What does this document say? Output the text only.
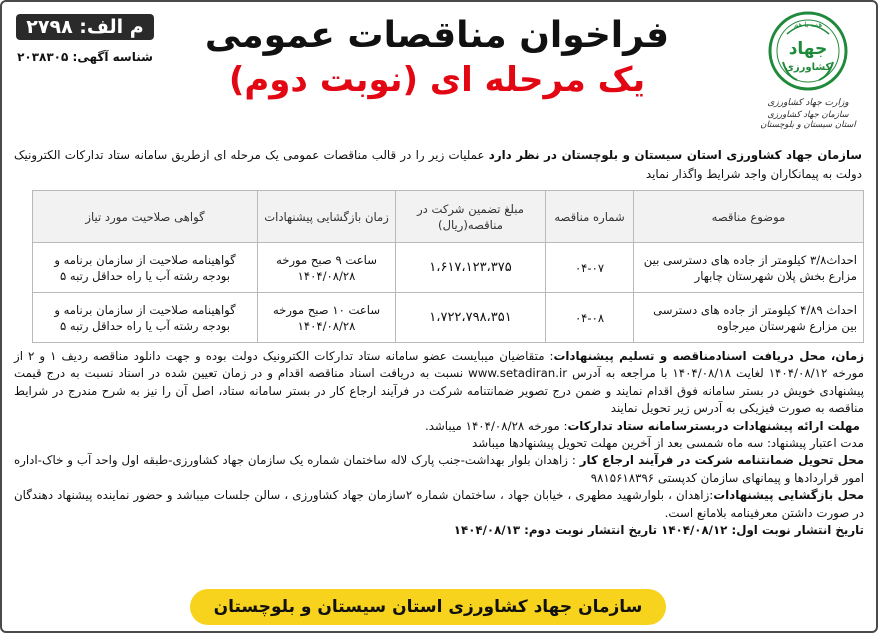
م الف: ۲۷۹۸
شناسه آگهی: ۲۰۳۸۳۰۵
فراخوان مناقصات عمومی
یک مرحله ای (نوبت دوم)
همه با هم
جهاد
کشاورزی
وزارت جهاد کشاورزی
سازمان جهاد کشاورزی استان سیستان و بلوچستان
سازمان جهاد کشاورزی استان سیستان و بلوچستان در نظر دارد عملیات زیر را در قالب مناقصات عمومی یک مرحله ای ازطریق سامانه ستاد تدارکات الکترونیک دولت به پیمانکاران واجد شرایط واگذار نماید
موضوع مناقصه	شماره مناقصه	مبلغ تضمین شرکت در مناقصه(ریال)	زمان بازگشایی پیشنهادات	گواهی صلاحیت مورد تیاز
احداث۳/۸ کیلومتر از جاده های دسترسی بین مزارع بخش پلان شهرستان چابهار	۰۴-۰۷	۱،۶۱۷،۱۲۳،۳۷۵	ساعت ۹ صبح مورخه ۱۴۰۴/۰۸/۲۸	گواهینامه صلاحیت از سازمان برنامه و بودجه رشته آب یا راه حداقل رتبه ۵
احداث ۴/۸۹ کیلومتر از جاده های دسترسی بین مزارع شهرستان میرجاوه	۰۴-۰۸	۱،۷۲۲،۷۹۸،۳۵۱	ساعت ۱۰ صبح مورخه ۱۴۰۴/۰۸/۲۸	گواهینامه صلاحیت از سازمان برنامه و بودجه رشته آب یا راه حداقل رتبه ۵

زمان، محل دریافت اسنادمناقصه و تسلیم پیشنهادات: متقاضیان میبایست عضو سامانه ستاد تدارکات الکترونیک دولت بوده و جهت دانلود مناقصه ردیف ۱ و ۲ از مورخه ۱۴۰۴/۰۸/۱۲ لغایت ۱۴۰۴/۰۸/۱۸ با مراجعه به آدرس www.setadiran.ir نسبت به دریافت اسناد مناقصه اقدام و در زمان تعیین شده در اسناد نسبت به درج قیمت پیشنهادی خویش در بستر سامانه فوق اقدام نمایند و ضمن درج تصویر ضمانتنامه شرکت در فرآیند ارجاع کار در بستر سامانه ستاد، اصل آن را نیز به شرح مندرج در شرایط مناقصه به صورت فیزیکی به آدرس زیر تحویل نمایند

مهلت ارائه پیشنهادات دربسترسامانه ستاد تدارکات: مورخه ۱۴۰۴/۰۸/۲۸ میباشد.

مدت اعتبار پیشنهاد: سه ماه شمسی بعد از آخرین مهلت تحویل پیشنهادها میباشد

محل تحویل ضمانتنامه شرکت در فرآیند ارجاع کار : زاهدان بلوار بهداشت-جنب پارک لاله ساختمان شماره یک سازمان جهاد کشاورزی-طبقه اول واحد آب و خاک-اداره امور قراردادها و پیمانهای سازمان کدپستی ۹۸۱۵۶۱۸۳۹۶

محل بازگشایی پیشنهادات:زاهدان ، بلوارشهید مطهری ، خیابان جهاد ، ساختمان شماره ۲سازمان جهاد کشاورزی ، سالن جلسات میباشد و حضور نماینده پیشنهاد دهندگان در صورت داشتن معرفینامه بلامانع است.

تاریخ انتشار نوبت اول: ۱۴۰۴/۰۸/۱۲ تاریخ انتشار نوبت دوم: ۱۴۰۴/۰۸/۱۳

سازمان جهاد کشاورزی استان سیستان و بلوچستان
